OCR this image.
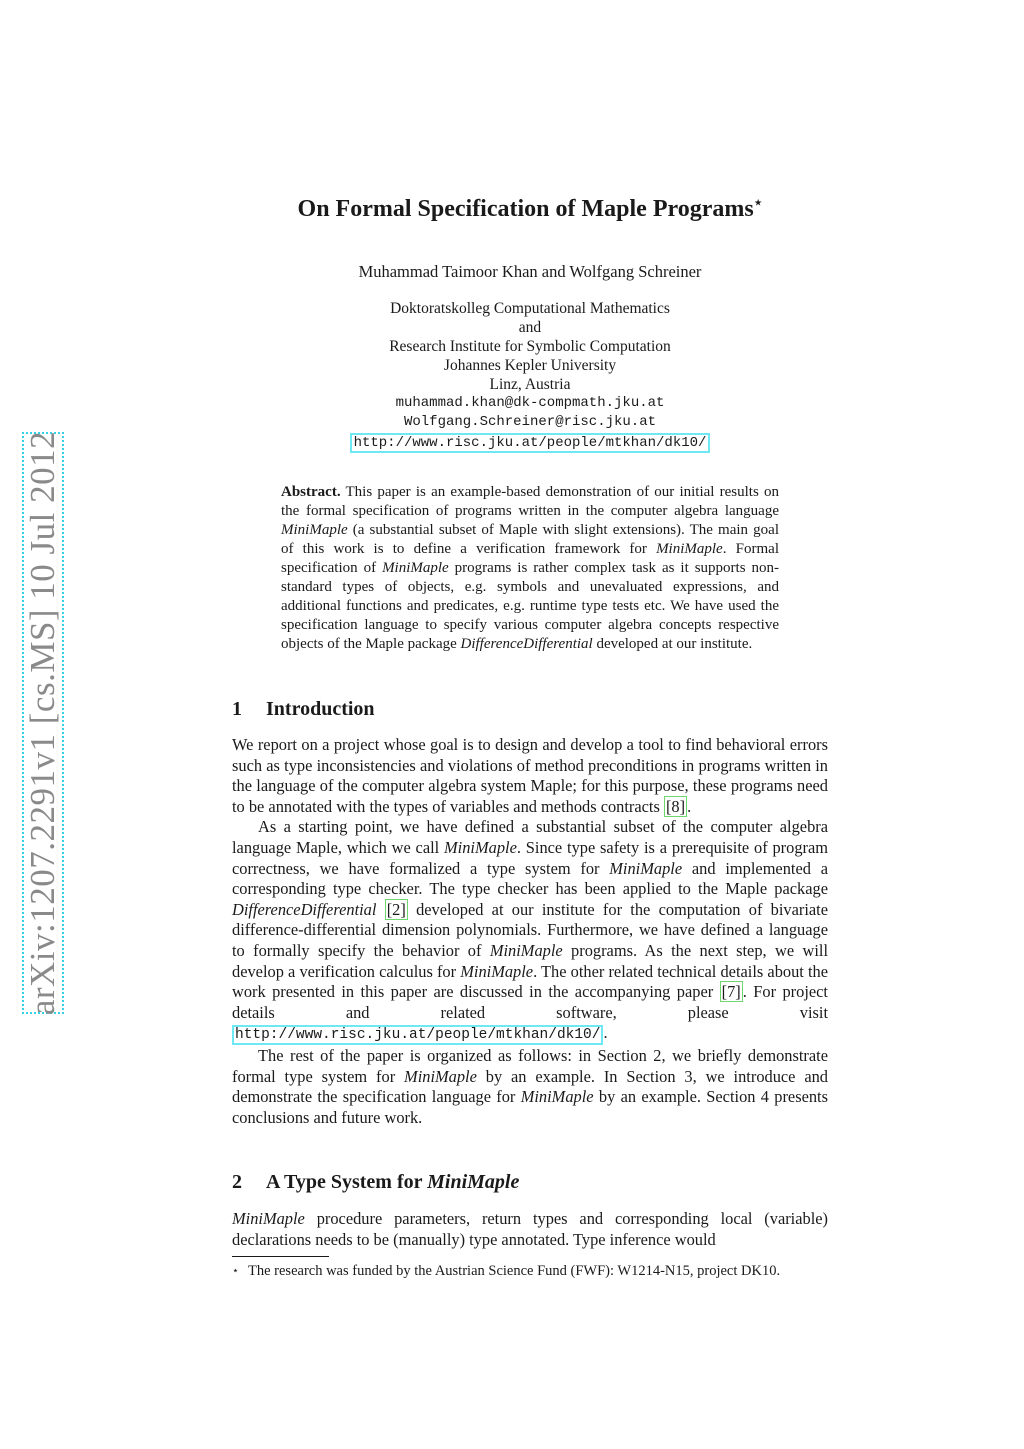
arXiv:1207.2291v1 [cs.MS] 10 Jul 2012
On Formal Specification of Maple Programs⋆
Muhammad Taimoor Khan and Wolfgang Schreiner
Doktoratskolleg Computational Mathematics
and
Research Institute for Symbolic Computation
Johannes Kepler University
Linz, Austria
muhammad.khan@dk-compmath.jku.at
Wolfgang.Schreiner@risc.jku.at
http://www.risc.jku.at/people/mtkhan/dk10/
Abstract. This paper is an example-based demonstration of our initial results on the formal specification of programs written in the computer algebra language MiniMaple (a substantial subset of Maple with slight extensions). The main goal of this work is to define a verification framework for MiniMaple. Formal specification of MiniMaple programs is rather complex task as it supports non-standard types of objects, e.g. symbols and unevaluated expressions, and additional functions and predicates, e.g. runtime type tests etc. We have used the specification language to specify various computer algebra concepts respective objects of the Maple package DifferenceDifferential developed at our institute.
1 Introduction

We report on a project whose goal is to design and develop a tool to find behavioral errors such as type inconsistencies and violations of method preconditions in programs written in the language of the computer algebra system Maple; for this purpose, these programs need to be annotated with the types of variables and methods contracts [8] .

As a starting point, we have defined a substantial subset of the computer algebra language Maple, which we call MiniMaple. Since type safety is a prerequisite of program correctness, we have formalized a type system for MiniMaple and implemented a corresponding type checker. The type checker has been applied to the Maple package DifferenceDifferential [2] developed at our institute for the computation of bivariate difference-differential dimension polynomials. Furthermore, we have defined a language to formally specify the behavior of MiniMaple programs. As the next step, we will develop a verification calculus for MiniMaple. The other related technical details about the work presented in this paper are discussed in the accompanying paper [7] . For project details and related software, please visit http://www.risc.jku.at/people/mtkhan/dk10/ .

The rest of the paper is organized as follows: in Section 2, we briefly demonstrate formal type system for MiniMaple by an example. In Section 3, we introduce and demonstrate the specification language for MiniMaple by an example. Section 4 presents conclusions and future work.

2 A Type System for MiniMaple

MiniMaple procedure parameters, return types and corresponding local (variable) declarations needs to be (manually) type annotated. Type inference would

⋆ The research was funded by the Austrian Science Fund (FWF): W1214-N15, project DK10.
